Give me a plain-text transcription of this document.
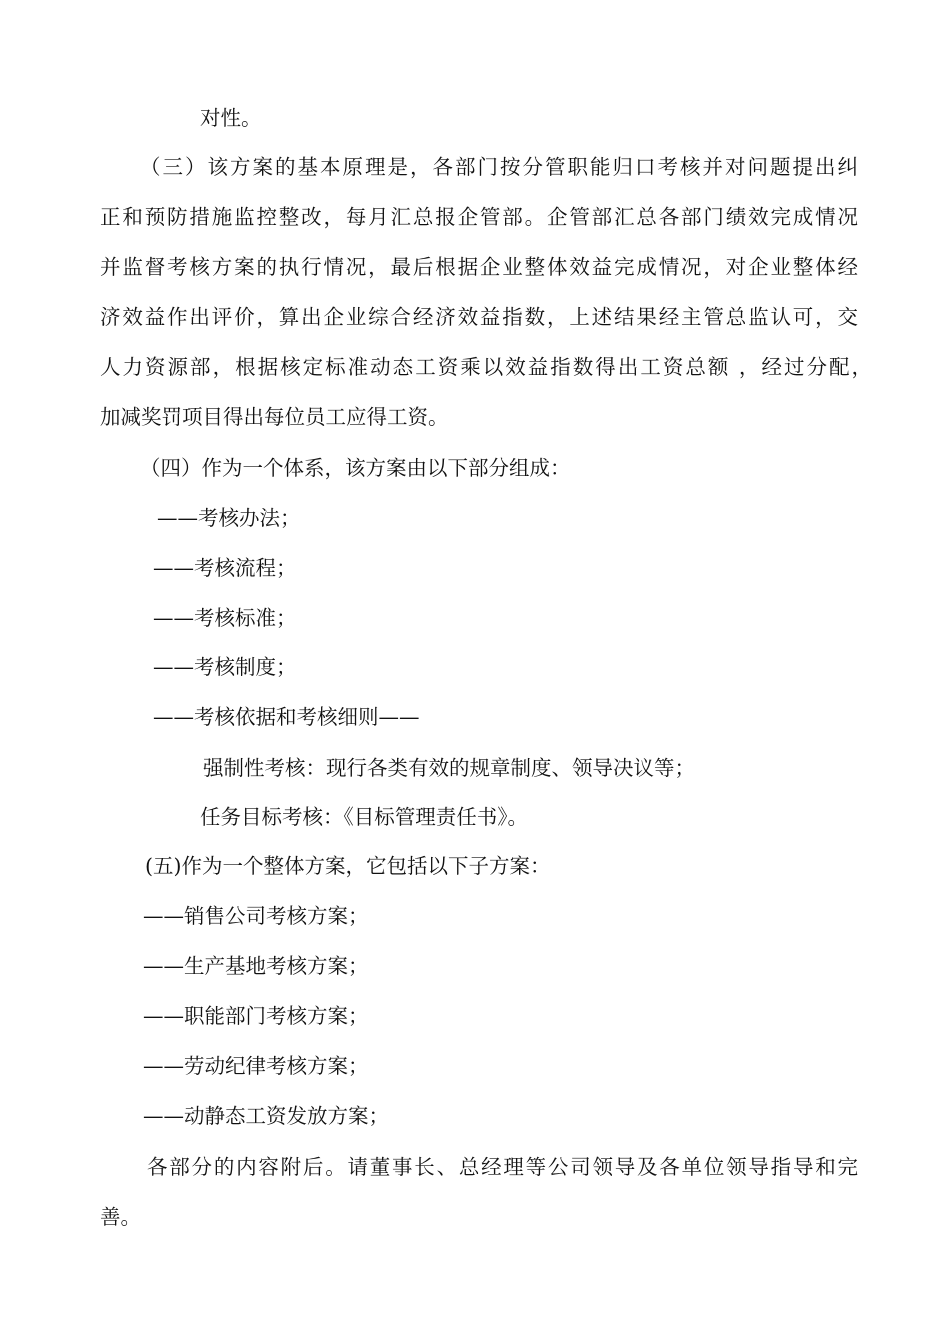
对性。

（三）该方案的基本原理是，各部门按分管职能归口考核并对问题提出纠

正和预防措施监控整改，每月汇总报企管部。企管部汇总各部门绩效完成情况

并监督考核方案的执行情况，最后根据企业整体效益完成情况，对企业整体经

济效益作出评价，算出企业综合经济效益指数，上述结果经主管总监认可，交

人力资源部，根据核定标准动态工资乘以效益指数得出工资总额 ，经过分配，

加减奖罚项目得出每位员工应得工资。

（四）作为一个体系，该方案由以下部分组成：

——考核办法；

——考核流程；

——考核标准；

——考核制度；

——考核依据和考核细则——

强制性考核：现行各类有效的规章制度、领导决议等；

任务目标考核：《目标管理责任书》。

(五)作为一个整体方案，它包括以下子方案：

——销售公司考核方案；

——生产基地考核方案；

——职能部门考核方案；

——劳动纪律考核方案；

——动静态工资发放方案；

各部分的内容附后。请董事长、总经理等公司领导及各单位领导指导和完

善。
